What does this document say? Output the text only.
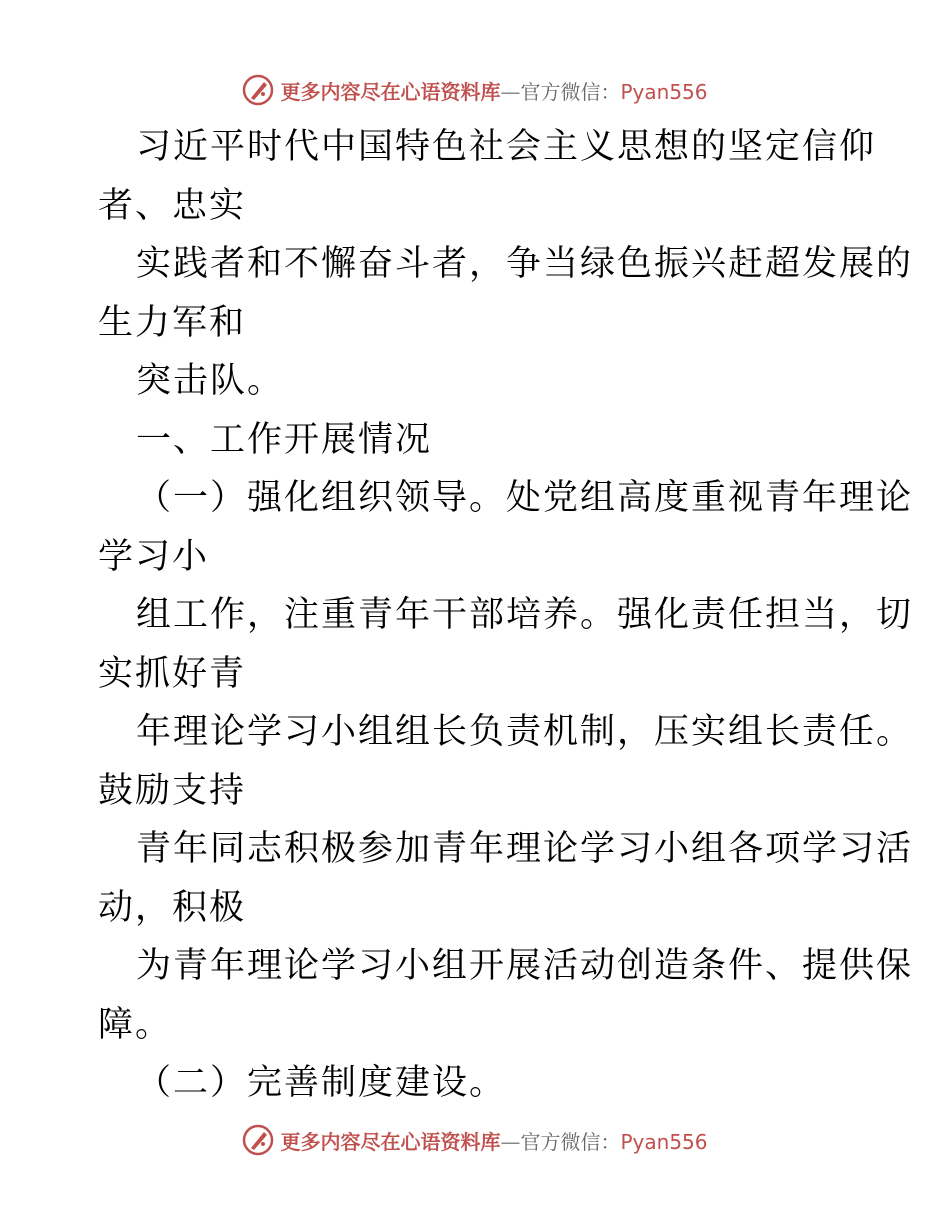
更多内容尽在心语资料库—官方微信：Pyan556
习近平时代中国特色社会主义思想的坚定信仰
者、忠实
实践者和不懈奋斗者，争当绿色振兴赶超发展的
生力军和
突击队。
一、工作开展情况
（一）强化组织领导。处党组高度重视青年理论
学习小
组工作，注重青年干部培养。强化责任担当，切
实抓好青
年理论学习小组组长负责机制，压实组长责任。
鼓励支持
青年同志积极参加青年理论学习小组各项学习活
动，积极
为青年理论学习小组开展活动创造条件、提供保
障。
（二）完善制度建设。
更多内容尽在心语资料库—官方微信：Pyan556
